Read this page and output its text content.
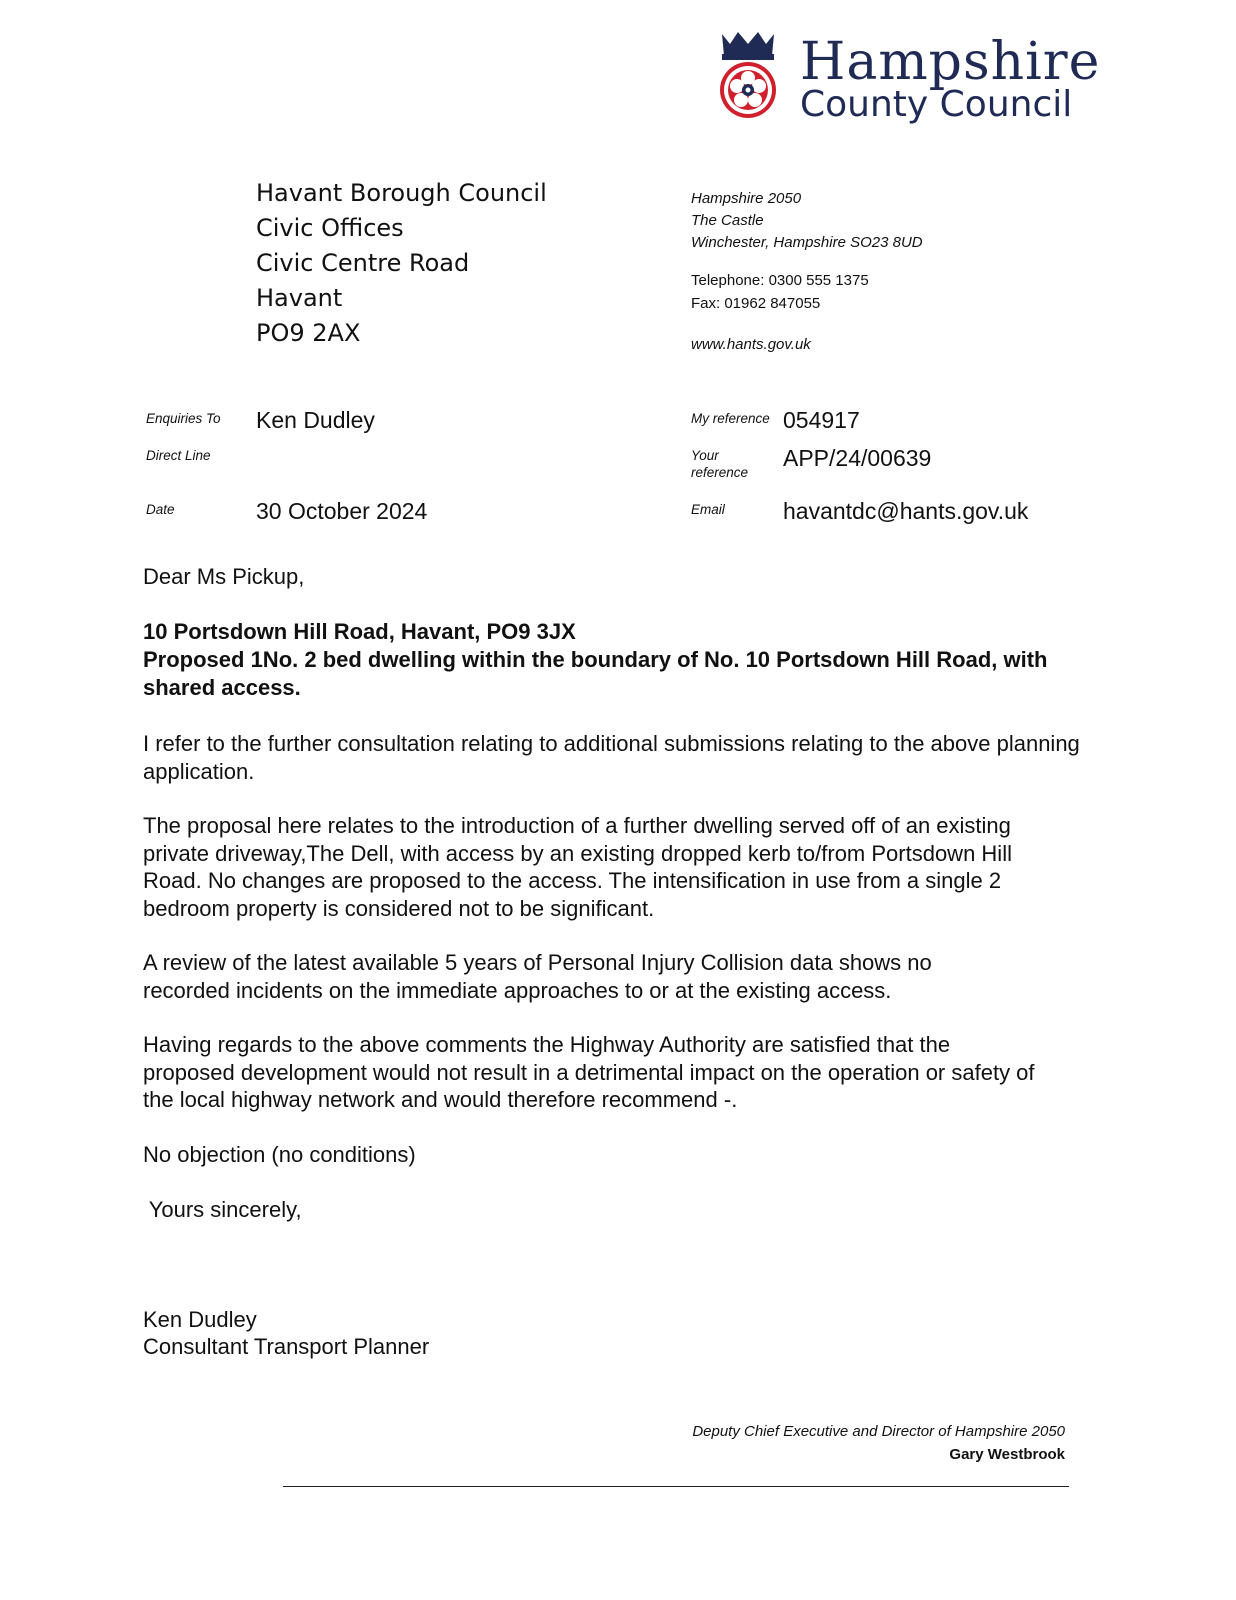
Hampshire
County Council
Havant Borough Council
Civic Offices
Civic Centre Road
Havant
PO9 2AX
Hampshire 2050
The Castle
Winchester, Hampshire SO23 8UD
Telephone: 0300 555 1375
Fax: 01962 847055
www.hants.gov.uk
Enquiries To Ken Dudley
Direct Line
Date	30 October 2024
My reference 054917
Your
reference
APP/24/00639
Email	havantdc@hants.gov.uk
Dear Ms Pickup,
10 Portsdown Hill Road, Havant, PO9 3JX
Proposed 1No. 2 bed dwelling within the boundary of No. 10 Portsdown Hill Road, with shared access.
I refer to the further consultation relating to additional submissions relating to the above planning application.
The proposal here relates to the introduction of a further dwelling served off of an existing private driveway,The Dell, with access by an existing dropped kerb to/from Portsdown Hill Road. No changes are proposed to the access. The intensification in use from a single 2 bedroom property is considered not to be significant.
A review of the latest available 5 years of Personal Injury Collision data shows no recorded incidents on the immediate approaches to or at the existing access.
Having regards to the above comments the Highway Authority are satisfied that the proposed development would not result in a detrimental impact on the operation or safety of the local highway network and would therefore recommend -.
No objection (no conditions)
Yours sincerely,
Ken Dudley
Consultant Transport Planner
Deputy Chief Executive and Director of Hampshire 2050
Gary Westbrook
